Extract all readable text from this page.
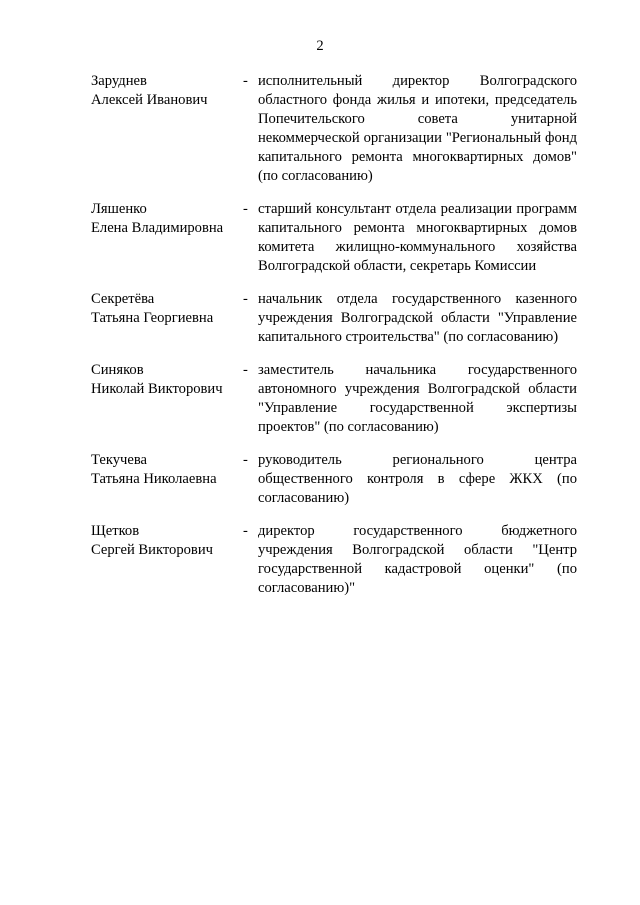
2
Заруднев
Алексей Иванович
- исполнительный директор Волгоградского областного фонда жилья и ипотеки, председатель Попечительского совета унитарной некоммерческой организации "Региональный фонд капитального ремонта многоквартирных домов" (по согласованию)
Ляшенко
Елена Владимировна
- старший консультант отдела реализации программ капитального ремонта многоквартирных домов комитета жилищно-коммунального хозяйства Волгоградской области, секретарь Комиссии
Секретёва
Татьяна Георгиевна
- начальник отдела государственного казенного учреждения Волгоградской области "Управление капитального строительства" (по согласованию)
Синяков
Николай Викторович
- заместитель начальника государственного автономного учреждения Волгоградской области "Управление государственной экспертизы проектов" (по согласованию)
Текучева
Татьяна Николаевна
- руководитель регионального центра общественного контроля в сфере ЖКХ (по согласованию)
Щетков
Сергей Викторович
- директор государственного бюджетного учреждения Волгоградской области "Центр государственной кадастровой оценки" (по согласованию)"
